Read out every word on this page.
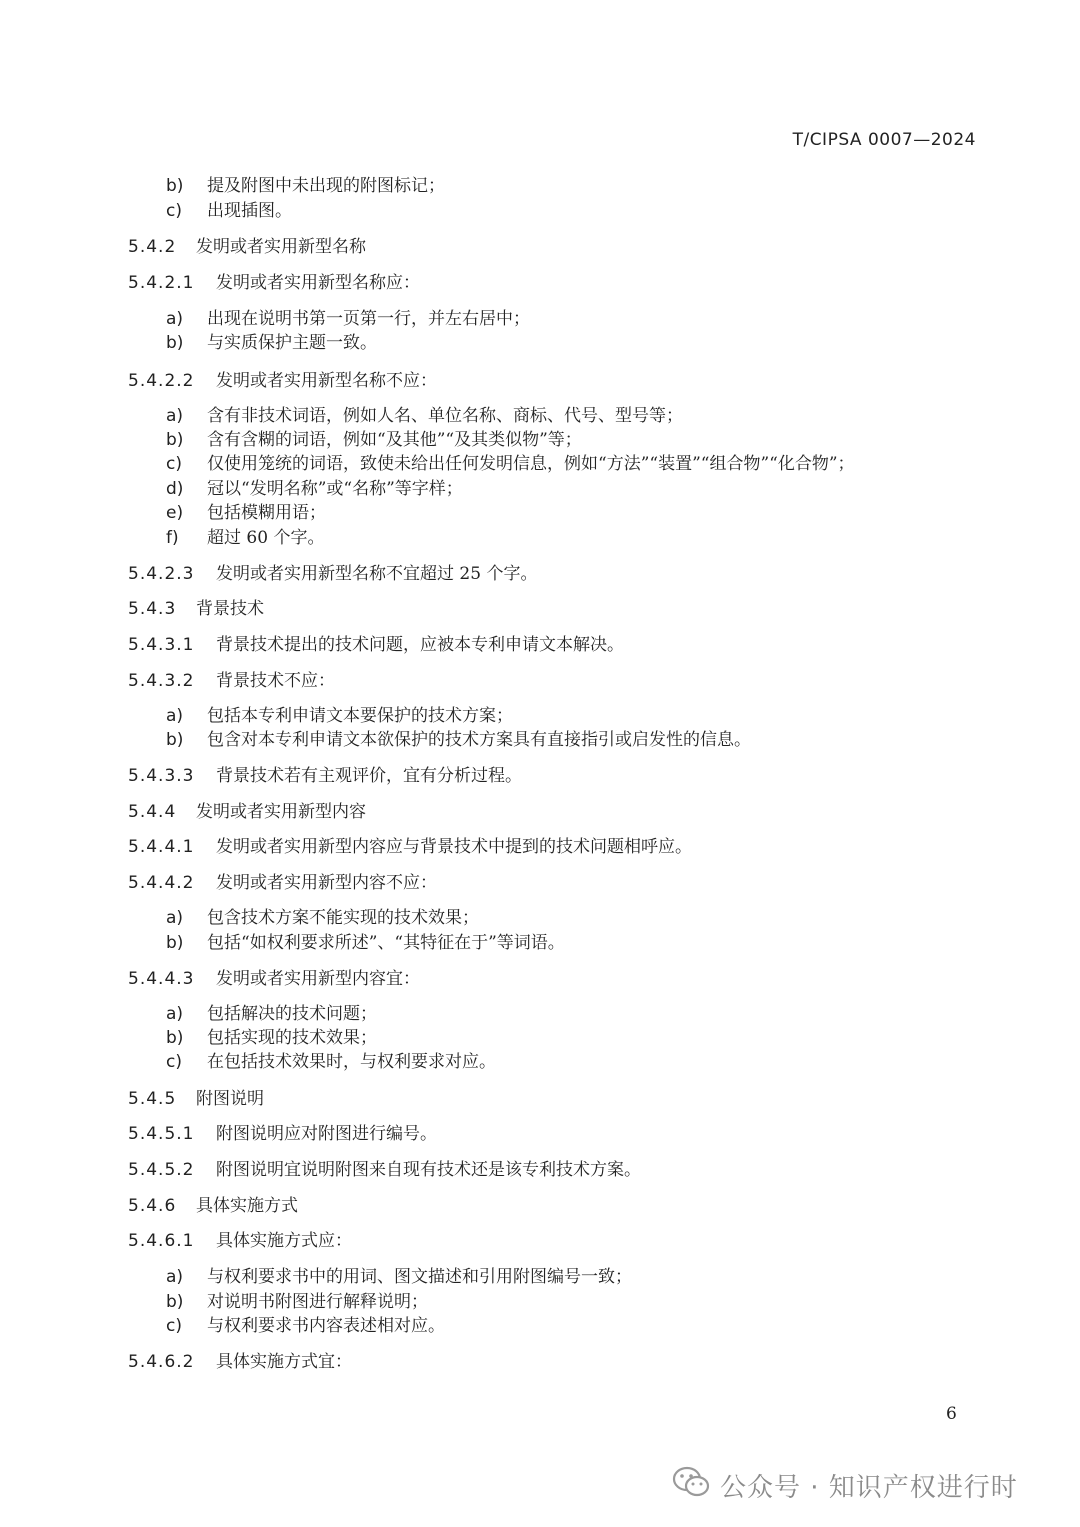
T/CIPSA 0007—2024
b) 提及附图中未出现的附图标记；
c) 出现插图。
5.4.2 发明或者实用新型名称
5.4.2.1 发明或者实用新型名称应：
a) 出现在说明书第一页第一行，并左右居中；
b) 与实质保护主题一致。
5.4.2.2 发明或者实用新型名称不应：
a) 含有非技术词语，例如人名、单位名称、商标、代号、型号等；
b) 含有含糊的词语，例如“及其他”“及其类似物”等；
c) 仅使用笼统的词语，致使未给出任何发明信息，例如“方法”“装置”“组合物”“化合物”；
d) 冠以“发明名称”或“名称”等字样；
e) 包括模糊用语；
f) 超过 60 个字。
5.4.2.3 发明或者实用新型名称不宜超过 25 个字。
5.4.3 背景技术
5.4.3.1 背景技术提出的技术问题，应被本专利申请文本解决。
5.4.3.2 背景技术不应：
a) 包括本专利申请文本要保护的技术方案；
b) 包含对本专利申请文本欲保护的技术方案具有直接指引或启发性的信息。
5.4.3.3 背景技术若有主观评价，宜有分析过程。
5.4.4 发明或者实用新型内容
5.4.4.1 发明或者实用新型内容应与背景技术中提到的技术问题相呼应。
5.4.4.2 发明或者实用新型内容不应：
a) 包含技术方案不能实现的技术效果；
b) 包括“如权利要求所述”、“其特征在于”等词语。
5.4.4.3 发明或者实用新型内容宜：
a) 包括解决的技术问题；
b) 包括实现的技术效果；
c) 在包括技术效果时，与权利要求对应。
5.4.5 附图说明
5.4.5.1 附图说明应对附图进行编号。
5.4.5.2 附图说明宜说明附图来自现有技术还是该专利技术方案。
5.4.6 具体实施方式
5.4.6.1 具体实施方式应：
a) 与权利要求书中的用词、图文描述和引用附图编号一致；
b) 对说明书附图进行解释说明；
c) 与权利要求书内容表述相对应。
5.4.6.2 具体实施方式宜：
6
公众号 · 知识产权进行时
